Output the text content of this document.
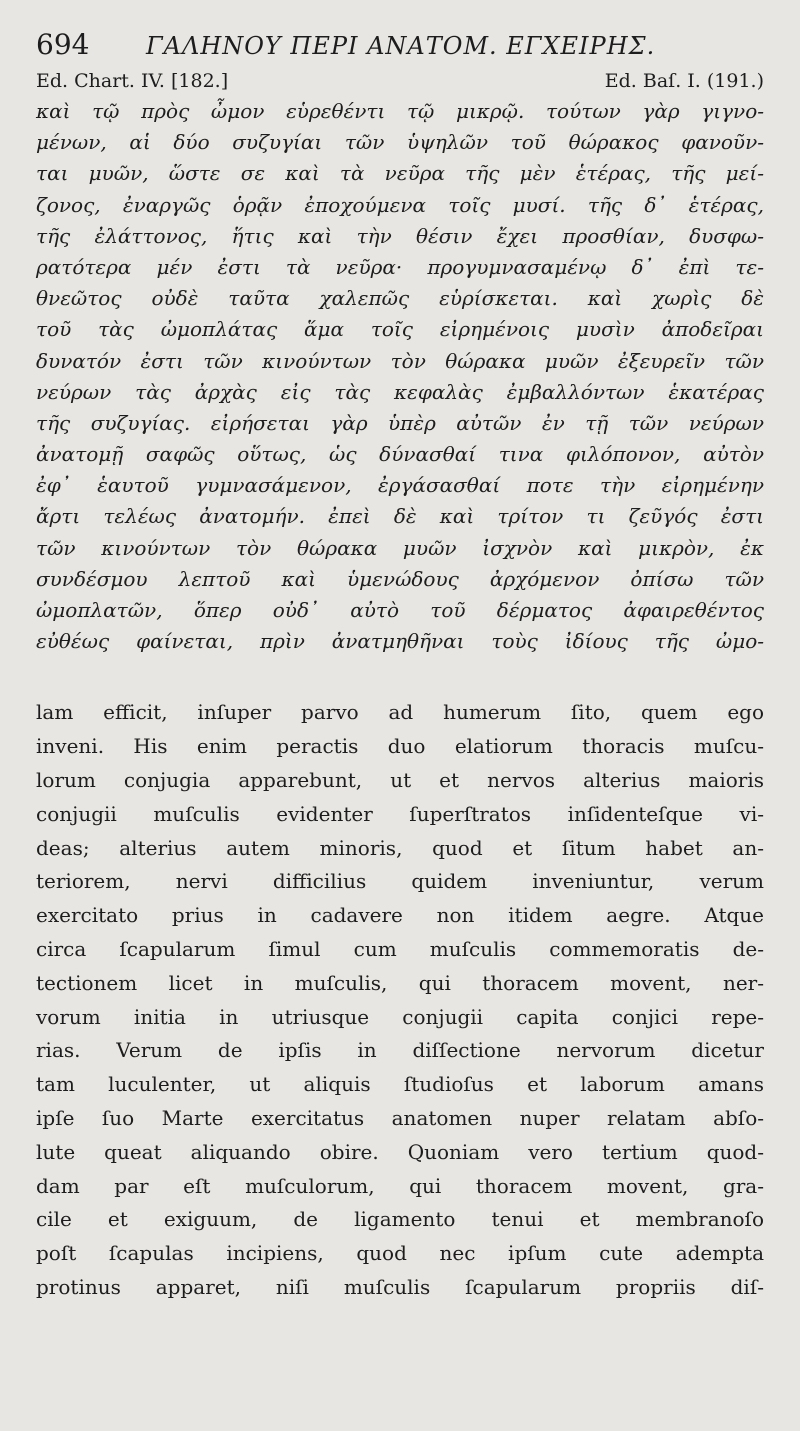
694 ΓΑΛΗΝΟΥ ΠΕΡΙ ΑΝΑΤΟΜ. ΕΓΧΕΙΡΗΣ.
Ed. Chart. IV. [182.]	Ed. Baſ. I. (191.)
καὶ τῷ πρὸς ὦμον εὑρεθέντι τῷ μικρῷ. τούτων γὰρ γιγνο-
μένων, αἱ δύο συζυγίαι τῶν ὑψηλῶν τοῦ θώρακος φανοῦν-
ται μυῶν, ὥστε σε καὶ τὰ νεῦρα τῆς μὲν ἑτέρας, τῆς μεί-
ζονος, ἐναργῶς ὁρᾷν ἐποχούμενα τοῖς μυσί. τῆς δ᾽ ἑτέρας,
τῆς ἐλάττονος, ἥτις καὶ τὴν θέσιν ἔχει προσθίαν, δυσφω-
ρατότερα μέν ἐστι τὰ νεῦρα· προγυμνασαμένῳ δ᾽ ἐπὶ τε-
θνεῶτος οὐδὲ ταῦτα χαλεπῶς εὑρίσκεται. καὶ χωρὶς δὲ
τοῦ τὰς ὠμοπλάτας ἅμα τοῖς εἰρημένοις μυσὶν ἀποδεῖραι
δυνατόν ἐστι τῶν κινούντων τὸν θώρακα μυῶν ἐξευρεῖν τῶν
νεύρων τὰς ἀρχὰς εἰς τὰς κεφαλὰς ἐμβαλλόντων ἑκατέρας
τῆς συζυγίας. εἰρήσεται γὰρ ὑπὲρ αὐτῶν ἐν τῇ τῶν νεύρων
ἀνατομῇ σαφῶς οὕτως, ὡς δύνασθαί τινα φιλόπονον, αὐτὸν
ἐφ᾽ ἑαυτοῦ γυμνασάμενον, ἐργάσασθαί ποτε τὴν εἰρημένην
ἄρτι τελέως ἀνατομήν. ἐπεὶ δὲ καὶ τρίτον τι ζεῦγός ἐστι
τῶν κινούντων τὸν θώρακα μυῶν ἰσχνὸν καὶ μικρὸν, ἐκ
συνδέσμου λεπτοῦ καὶ ὑμενώδους ἀρχόμενον ὀπίσω τῶν
ὠμοπλατῶν, ὅπερ οὐδ᾽ αὐτὸ τοῦ δέρματος ἀφαιρεθέντος
εὐθέως φαίνεται, πρὶν ἀνατμηθῆναι τοὺς ἰδίους τῆς ὠμο-
lam efficit, inſuper parvo ad humerum ſito, quem ego
inveni. His enim peractis duo elatiorum thoracis muſcu-
lorum conjugia apparebunt, ut et nervos alterius maioris
conjugii muſculis evidenter ſuperſtratos inſidenteſque vi-
deas; alterius autem minoris, quod et ſitum habet an-
teriorem, nervi difficilius quidem inveniuntur, verum
exercitato prius in cadavere non itidem aegre. Atque
circa ſcapularum ſimul cum muſculis commemoratis de-
tectionem licet in muſculis, qui thoracem movent, ner-
vorum initia in utriusque conjugii capita conjici repe-
rias. Verum de ipſis in diſſectione nervorum dicetur
tam luculenter, ut aliquis ſtudioſus et laborum amans
ipſe ſuo Marte exercitatus anatomen nuper relatam abſo-
lute queat aliquando obire. Quoniam vero tertium quod-
dam par eſt muſculorum, qui thoracem movent, gra-
cile et exiguum, de ligamento tenui et membranoſo
poſt ſcapulas incipiens, quod nec ipſum cute adempta
protinus apparet, niſi muſculis ſcapularum propriis diſ-
